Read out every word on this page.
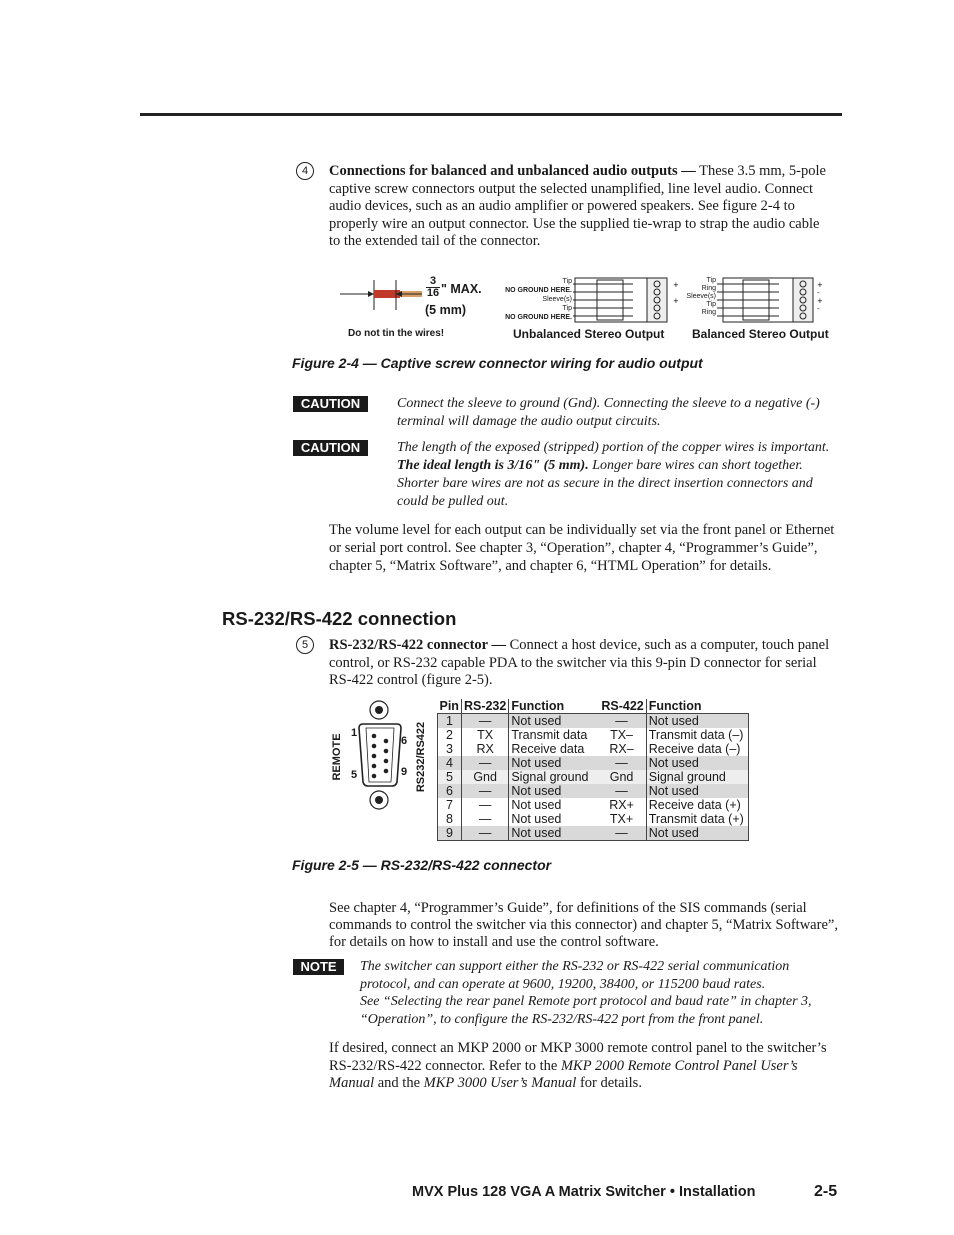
4	Connections for balanced and unbalanced audio outputs — These 3.5 mm, 5-pole captive screw connectors output the selected unamplified, line level audio. Connect audio devices, such as an audio amplifier or powered speakers. See figure 2-4 to properly wire an output connector. Use the supplied tie-wrap to strap the audio cable to the extended tail of the connector.
$\frac{3}{16}$ " MAX.
(5 mm)
Do not tin the wires!
Tip
NO GROUND HERE.
Sleeve(s)
Tip
NO GROUND HERE.
+
+
Unbalanced Stereo Output
Tip
Ring
Sleeve(s)
Tip
Ring
+
-
+
-
Balanced Stereo Output
Figure 2-4 — Captive screw connector wiring for audio output
CAUTION	Connect the sleeve to ground (Gnd). Connecting the sleeve to a negative (-) terminal will damage the audio output circuits.
CAUTION	The length of the exposed (stripped) portion of the copper wires is important. The ideal length is 3/16" (5 mm). Longer bare wires can short together. Shorter bare wires are not as secure in the direct insertion connectors and could be pulled out.
The volume level for each output can be individually set via the front panel or Ethernet or serial port control. See chapter 3, “Operation”, chapter 4, “Programmer’s Guide”, chapter 5, “Matrix Software”, and chapter 6, “HTML Operation” for details.
RS-232/RS-422 connection
5	RS-232/RS-422 connector — Connect a host device, such as a computer, touch panel control, or RS-232 capable PDA to the switcher via this 9-pin D connector for serial RS-422 control (figure 2-5).
1
5
6
9
REMOTE	RS232/RS422
Pin	RS-232	Function	RS-422	Function
1	—	Not used	—	Not used
2	TX	Transmit data	TX–	Transmit data (–)
3	RX	Receive data	RX–	Receive data (–)
4	—	Not used	—	Not used
5	Gnd	Signal ground	Gnd	Signal ground
6	—	Not used	—	Not used
7	—	Not used	RX+	Receive data (+)
8	—	Not used	TX+	Transmit data (+)
9	—	Not used	—	Not used
Figure 2-5 — RS-232/RS-422 connector
See chapter 4, “Programmer’s Guide”, for definitions of the SIS commands (serial commands to control the switcher via this connector) and chapter 5, “Matrix Software”, for details on how to install and use the control software.
NOTE	The switcher can support either the RS-232 or RS-422 serial communication protocol, and can operate at 9600, 19200, 38400, or 115200 baud rates.
See “Selecting the rear panel Remote port protocol and baud rate” in chapter 3, “Operation”, to configure the RS-232/RS-422 port from the front panel.
If desired, connect an MKP 2000 or MKP 3000 remote control panel to the switcher’s RS-232/RS-422 connector. Refer to the MKP 2000 Remote Control Panel User’s Manual and the MKP 3000 User’s Manual for details.
MVX Plus 128 VGA A Matrix Switcher • Installation	2-5
